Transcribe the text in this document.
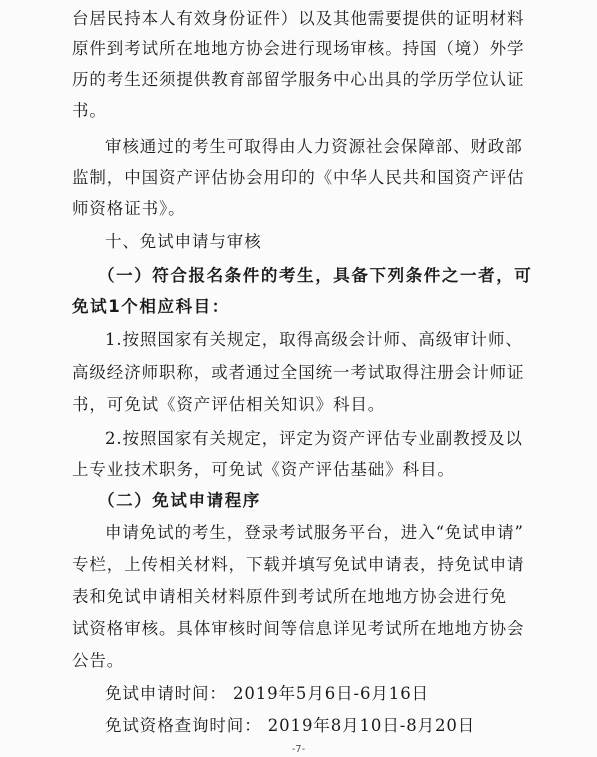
台居民持本人有效身份证件）以及其他需要提供的证明材料
原件到考试所在地地方协会进行现场审核。持国（境）外学
历的考生还须提供教育部留学服务中心出具的学历学位认证
书。
审核通过的考生可取得由人力资源社会保障部、财政部
监制，中国资产评估协会用印的《中华人民共和国资产评估
师资格证书》。
十、免试申请与审核
（一）符合报名条件的考生，具备下列条件之一者，可
免试1个相应科目：
1.按照国家有关规定，取得高级会计师、高级审计师、
高级经济师职称，或者通过全国统一考试取得注册会计师证
书，可免试《资产评估相关知识》科目。
2.按照国家有关规定，评定为资产评估专业副教授及以
上专业技术职务，可免试《资产评估基础》科目。
（二）免试申请程序
申请免试的考生，登录考试服务平台，进入“免试申请”
专栏，上传相关材料，下载并填写免试申请表，持免试申请
表和免试申请相关材料原件到考试所在地地方协会进行免
试资格审核。具体审核时间等信息详见考试所在地地方协会
公告。
免试申请时间： 2019年5月6日-6月16日
免试资格查询时间： 2019年8月10日-8月20日
-7-
